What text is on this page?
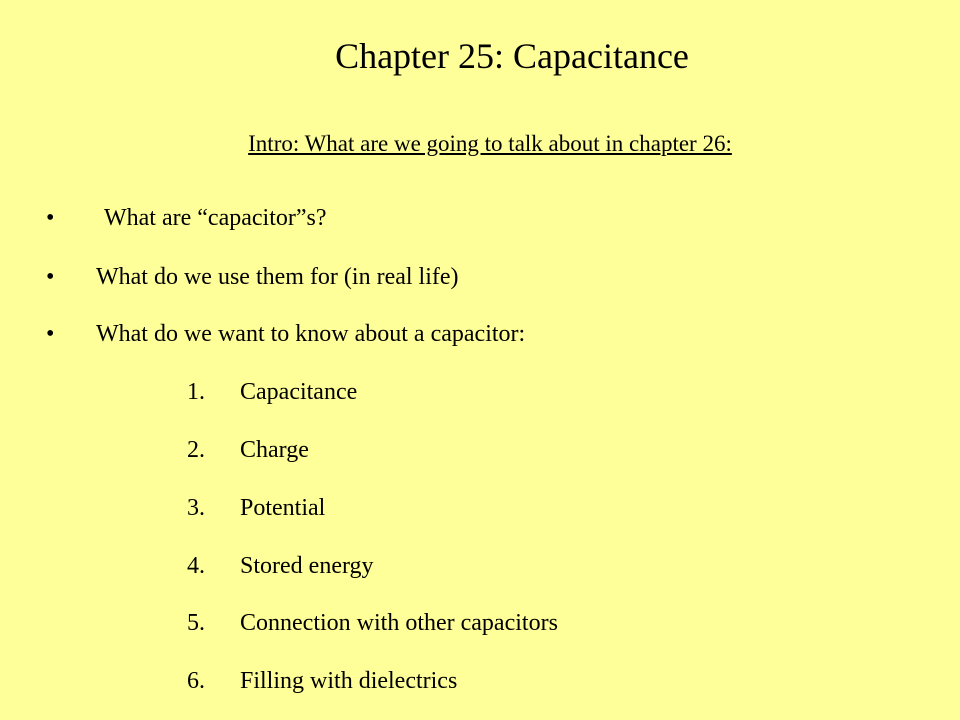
Chapter 25: Capacitance
Intro: What are we going to talk about in chapter 26:
• What are “capacitor”s?
• What do we use them for (in real life)
• What do we want to know about a capacitor:
1. Capacitance
2. Charge
3. Potential
4. Stored energy
5. Connection with other capacitors
6. Filling with dielectrics
